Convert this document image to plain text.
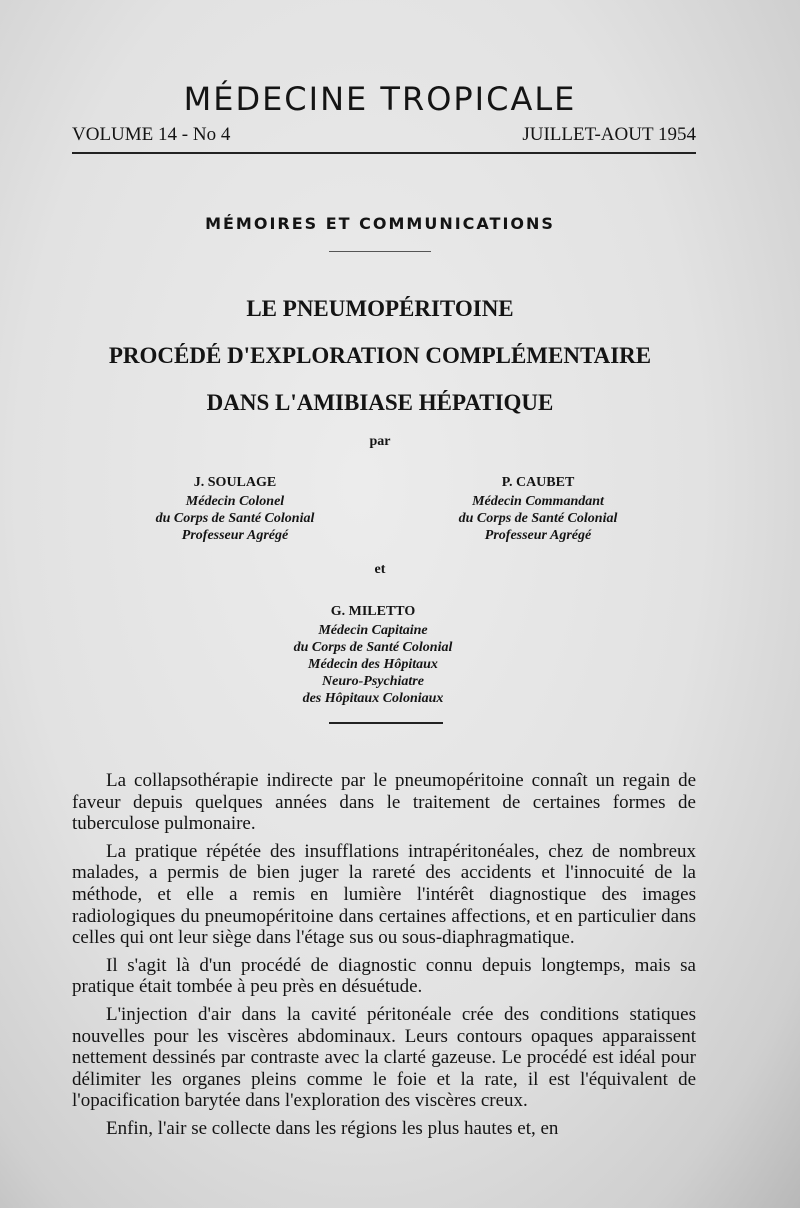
MÉDECINE TROPICALE
VOLUME 14 - No 4	JUILLET-AOUT 1954
MÉMOIRES ET COMMUNICATIONS
LE PNEUMOPÉRITOINE
PROCÉDÉ D'EXPLORATION COMPLÉMENTAIRE
DANS L'AMIBIASE HÉPATIQUE
par
J. SOULAGE
Médecin Colonel
du Corps de Santé Colonial
Professeur Agrégé
P. CAUBET
Médecin Commandant
du Corps de Santé Colonial
Professeur Agrégé
et
G. MILETTO
Médecin Capitaine
du Corps de Santé Colonial
Médecin des Hôpitaux
Neuro-Psychiatre
des Hôpitaux Coloniaux

La collapsothérapie indirecte par le pneumopéritoine connaît un regain de faveur depuis quelques années dans le traitement de certaines formes de tuberculose pulmonaire.

La pratique répétée des insufflations intrapéritonéales, chez de nombreux malades, a permis de bien juger la rareté des accidents et l'innocuité de la méthode, et elle a remis en lumière l'intérêt diagnostique des images radiologiques du pneumopéritoine dans certaines affections, et en particulier dans celles qui ont leur siège dans l'étage sus ou sous-diaphragmatique.

Il s'agit là d'un procédé de diagnostic connu depuis longtemps, mais sa pratique était tombée à peu près en désuétude.

L'injection d'air dans la cavité péritonéale crée des conditions statiques nouvelles pour les viscères abdominaux. Leurs contours opaques apparaissent nettement dessinés par contraste avec la clarté gazeuse. Le procédé est idéal pour délimiter les organes pleins comme le foie et la rate, il est l'équivalent de l'opacification barytée dans l'exploration des viscères creux.

Enfin, l'air se collecte dans les régions les plus hautes et, en
